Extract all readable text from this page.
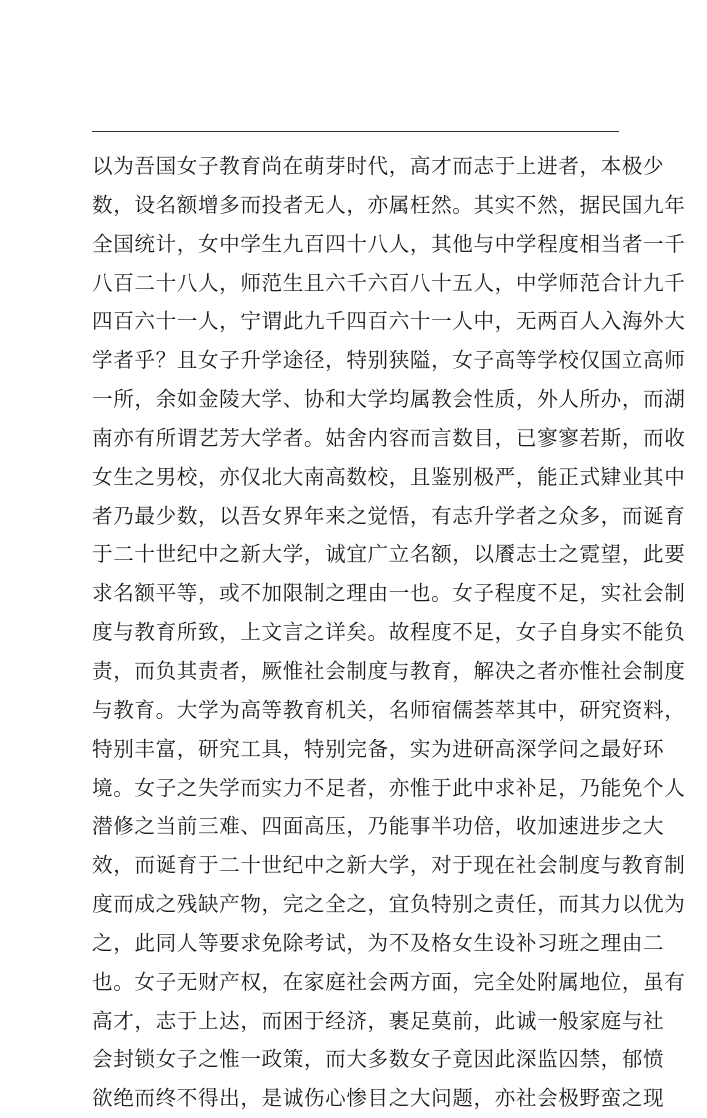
以为吾国女子教育尚在萌芽时代，高才而志于上进者，本极少
数，设名额增多而投者无人，亦属枉然。其实不然，据民国九年
全国统计，女中学生九百四十八人，其他与中学程度相当者一千
八百二十八人，师范生且六千六百八十五人，中学师范合计九千
四百六十一人，宁谓此九千四百六十一人中，无两百人入海外大
学者乎？且女子升学途径，特别狭隘，女子高等学校仅国立高师
一所，余如金陵大学、协和大学均属教会性质，外人所办，而湖
南亦有所谓艺芳大学者。姑舍内容而言数目，已寥寥若斯，而收
女生之男校，亦仅北大南高数校，且鉴别极严，能正式肄业其中
者乃最少数，以吾女界年来之觉悟，有志升学者之众多，而诞育
于二十世纪中之新大学，诚宜广立名额，以餍志士之霓望，此要
求名额平等，或不加限制之理由一也。女子程度不足，实社会制
度与教育所致，上文言之详矣。故程度不足，女子自身实不能负
责，而负其责者，厥惟社会制度与教育，解决之者亦惟社会制度
与教育。大学为高等教育机关，名师宿儒荟萃其中，研究资料，
特别丰富，研究工具，特别完备，实为进研高深学问之最好环
境。女子之失学而实力不足者，亦惟于此中求补足，乃能免个人
潜修之当前三难、四面高压，乃能事半功倍，收加速进步之大
效，而诞育于二十世纪中之新大学，对于现在社会制度与教育制
度而成之残缺产物，完之全之，宜负特别之责任，而其力以优为
之，此同人等要求免除考试，为不及格女生设补习班之理由二
也。女子无财产权，在家庭社会两方面，完全处附属地位，虽有
高才，志于上达，而困于经济，裹足莫前，此诚一般家庭与社
会封锁女子之惟一政策，而大多数女子竟因此深监囚禁，郁愤
欲绝而终不得出，是诚伤心惨目之大问题，亦社会极野蛮之现
